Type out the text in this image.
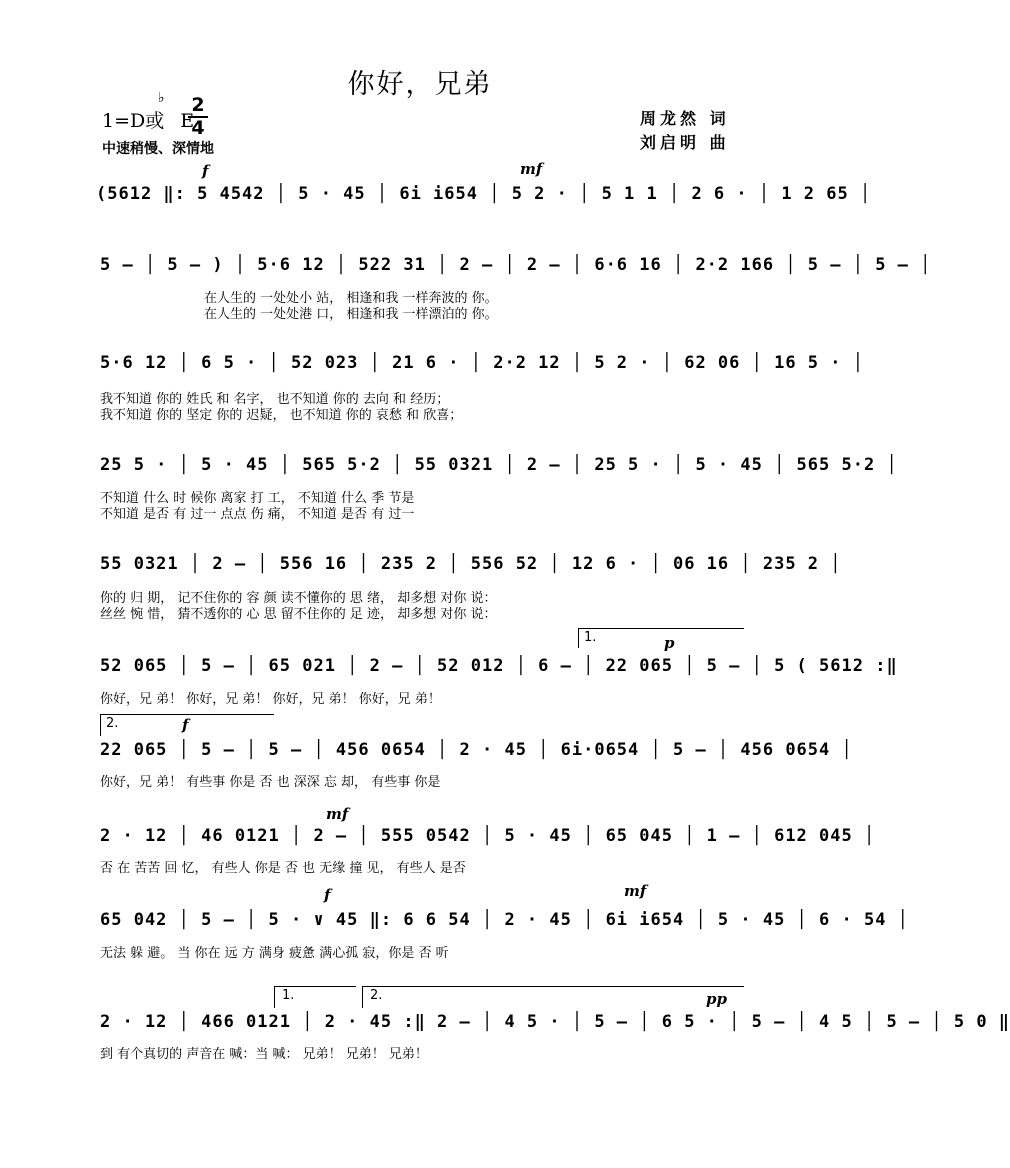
你好，兄弟
1=D或 E
♭ 2
4
中速稍慢、深情地
周龙然 词
刘启明 曲
f	mf
(5612 ‖: 5 4542 │ 5 · 45 │ 6i i654 │ 5 2 · │ 5 1 1 │ 2 6 · │ 1 2 65 │
5 — │ 5 — ) │ 5·6 12 │ 522 31 │ 2 — │ 2 — │ 6·6 16 │ 2·2 166 │ 5 — │ 5 — │
在人生的 一处处小 站， 相逢和我 一样奔波的 你。
在人生的 一处处港 口， 相逢和我 一样漂泊的 你。
5·6 12 │ 6 5 · │ 52 023 │ 21 6 · │ 2·2 12 │ 5 2 · │ 62 06 │ 16 5 · │
我不知道 你的 姓氏 和 名字， 也不知道 你的 去向 和 经历；
我不知道 你的 坚定 你的 迟疑， 也不知道 你的 哀愁 和 欣喜；
25 5 · │ 5 · 45 │ 565 5·2 │ 55 0321 │ 2 — │ 25 5 · │ 5 · 45 │ 565 5·2 │
不知道 什么 时 候你 离家 打 工， 不知道 什么 季 节是
不知道 是否 有 过一 点点 伤 痛， 不知道 是否 有 过一
55 0321 │ 2 — │ 556 16 │ 235 2 │ 556 52 │ 12 6 · │ 06 16 │ 235 2 │
你的 归 期， 记不住你的 容 颜 读不懂你的 思 绪， 却多想 对你 说：
丝丝 惋 惜， 猜不透你的 心 思 留不住你的 足 迹， 却多想 对你 说：
1.	p
52 065 │ 5 — │ 65 021 │ 2 — │ 52 012 │ 6 — │ 22 065 │ 5 — │ 5 ( 5612 :‖
你好，兄 弟！ 你好，兄 弟！ 你好，兄 弟！ 你好，兄 弟！
2.	f
22 065 │ 5 — │ 5 — │ 456 0654 │ 2 · 45 │ 6i·0654 │ 5 — │ 456 0654 │
你好，兄 弟！ 有些事 你是 否 也 深深 忘 却， 有些事 你是
mf
2 · 12 │ 46 0121 │ 2 — │ 555 0542 │ 5 · 45 │ 65 045 │ 1 — │ 612 045 │
否 在 苦苦 回 忆， 有些人 你是 否 也 无缘 撞 见， 有些人 是否
f	mf
65 042 │ 5 — │ 5 · ∨ 45 ‖: 6 6 54 │ 2 · 45 │ 6i i654 │ 5 · 45 │ 6 · 54 │
无法 躲 避。 当 你在 远 方 满身 疲惫 满心孤 寂，你是 否 听
1.	2.	pp
2 · 12 │ 466 0121 │ 2 · 45 :‖ 2 — │ 4 5 · │ 5 — │ 6 5 · │ 5 — │ 4 5 │ 5 — │ 5 0 ‖
到 有个真切的 声音在 喊：当 喊： 兄弟！ 兄弟！ 兄弟！
